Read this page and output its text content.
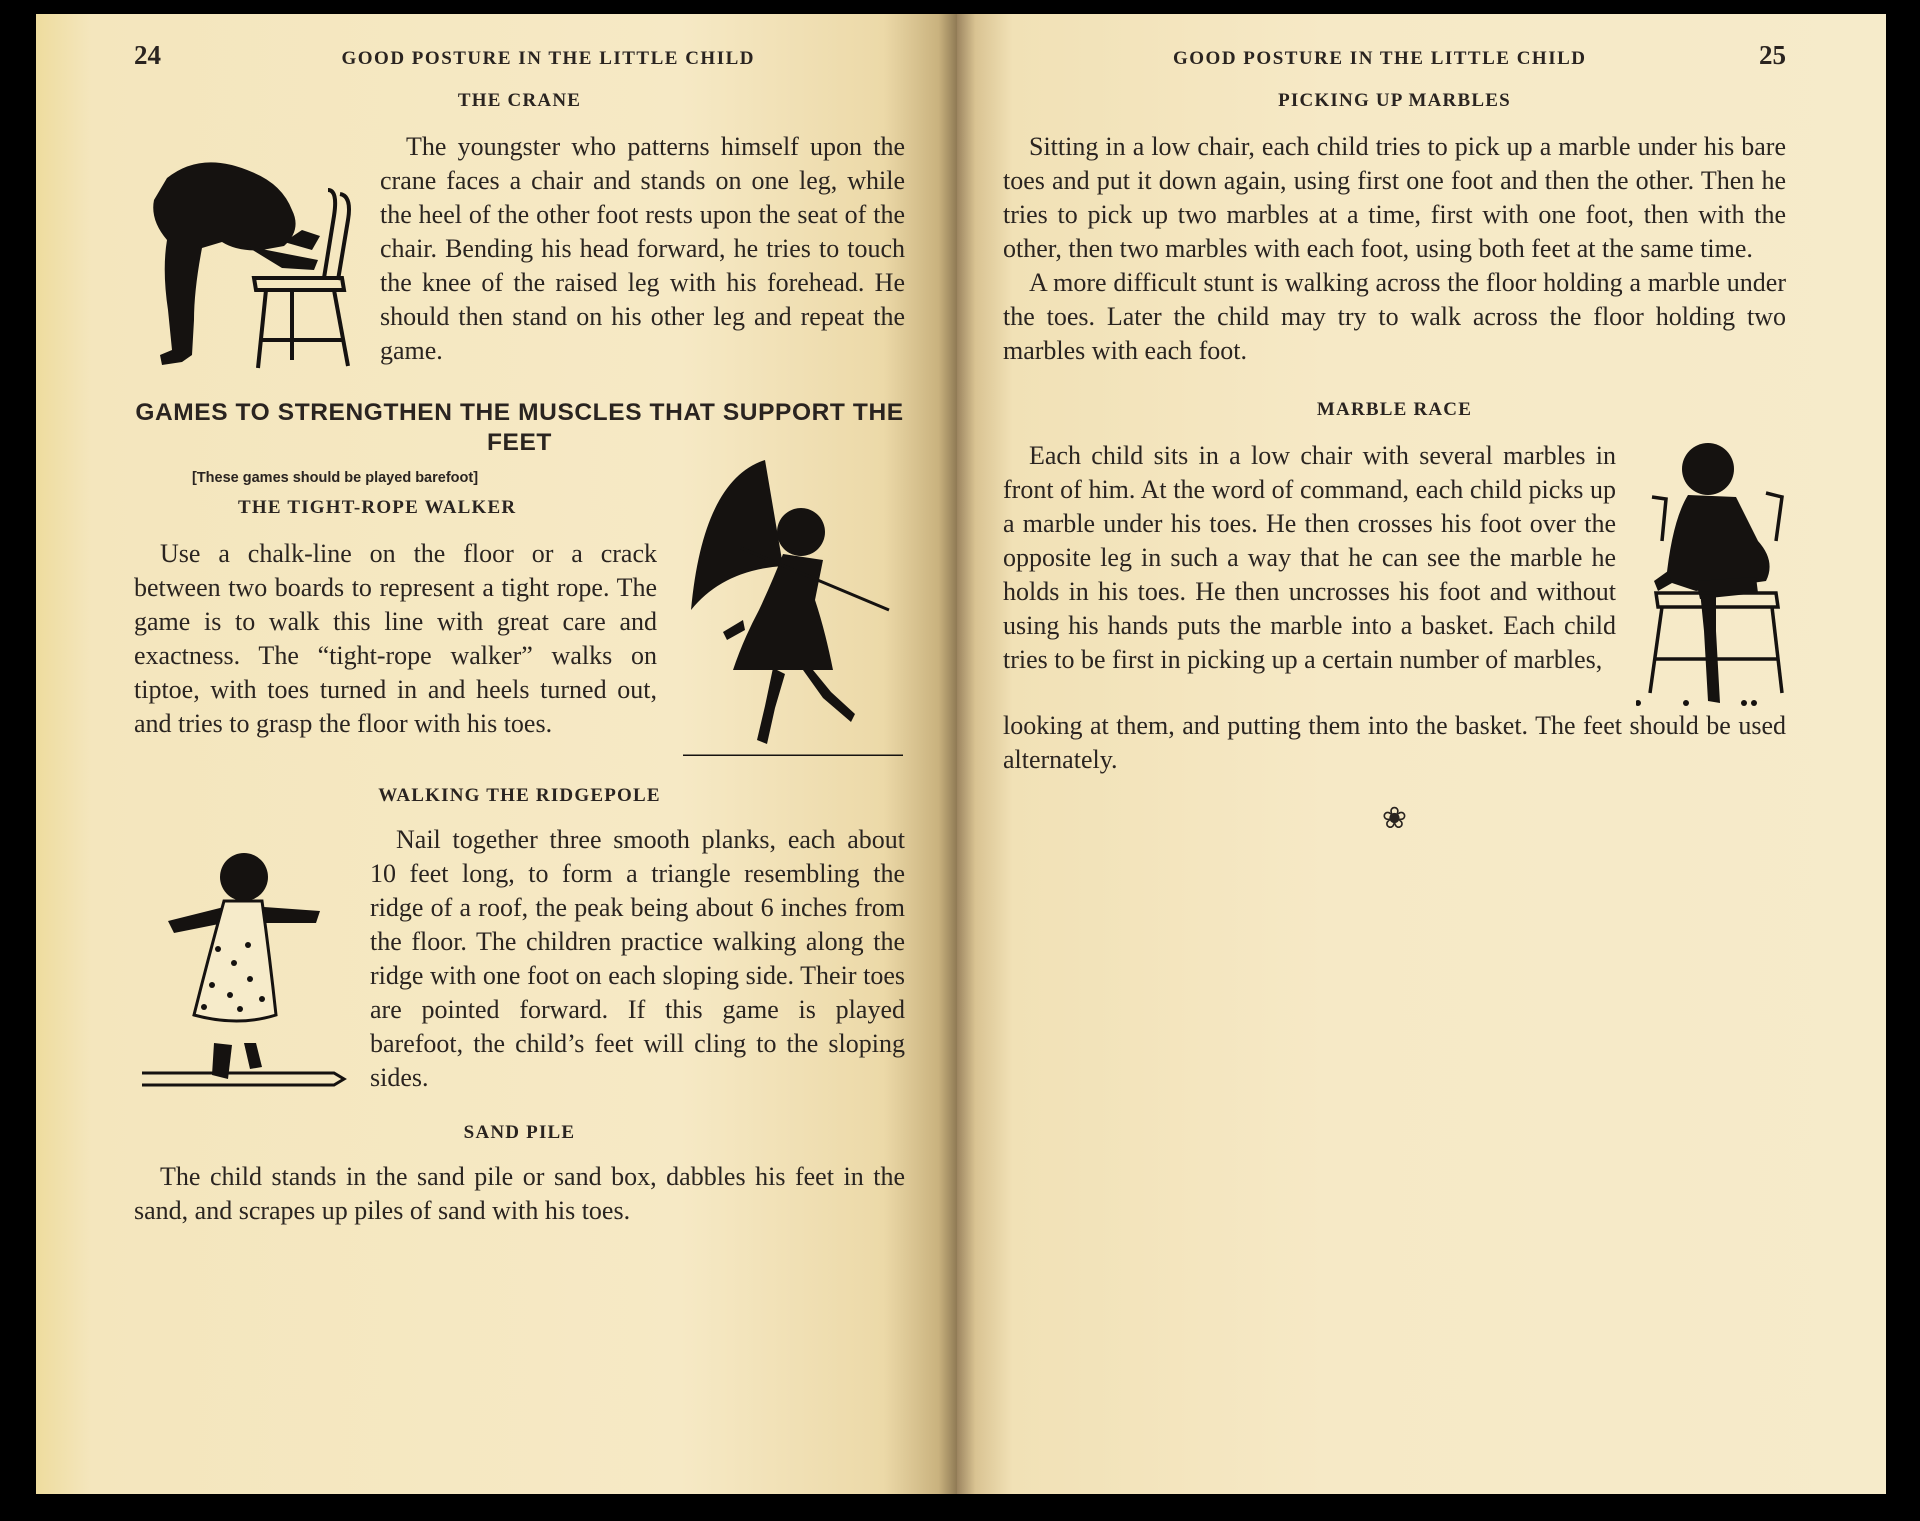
24	GOOD POSTURE IN THE LITTLE CHILD
THE CRANE

The youngster who patterns himself upon the crane faces a chair and stands on one leg, while the heel of the other foot rests upon the seat of the chair. Bending his head forward, he tries to touch the knee of the raised leg with his forehead. He should then stand on his other leg and repeat the game.

GAMES TO STRENGTHEN THE MUSCLES THAT SUPPORT THE FEET
[These games should be played barefoot]
THE TIGHT-ROPE WALKER

Use a chalk-line on the floor or a crack between two boards to represent a tight rope. The game is to walk this line with great care and exactness. The “tight-rope walker” walks on tiptoe, with toes turned in and heels turned out, and tries to grasp the floor with his toes.

WALKING THE RIDGEPOLE

Nail together three smooth planks, each about 10 feet long, to form a triangle resembling the ridge of a roof, the peak being about 6 inches from the floor. The children practice walking along the ridge with one foot on each sloping side. Their toes are pointed forward. If this game is played barefoot, the child’s feet will cling to the sloping sides.

SAND PILE

The child stands in the sand pile or sand box, dabbles his feet in the sand, and scrapes up piles of sand with his toes.

GOOD POSTURE IN THE LITTLE CHILD	25
PICKING UP MARBLES

Sitting in a low chair, each child tries to pick up a marble under his bare toes and put it down again, using first one foot and then the other. Then he tries to pick up two marbles at a time, first with one foot, then with the other, then two marbles with each foot, using both feet at the same time.

A more difficult stunt is walking across the floor holding a marble under the toes. Later the child may try to walk across the floor holding two marbles with each foot.

MARBLE RACE

Each child sits in a low chair with several marbles in front of him. At the word of command, each child picks up a marble under his toes. He then crosses his foot over the opposite leg in such a way that he can see the marble he holds in his toes. He then uncrosses his foot and without using his hands puts the marble into a basket. Each child tries to be first in picking up a certain number of marbles,

looking at them, and putting them into the basket. The feet should be used alternately.

❀
